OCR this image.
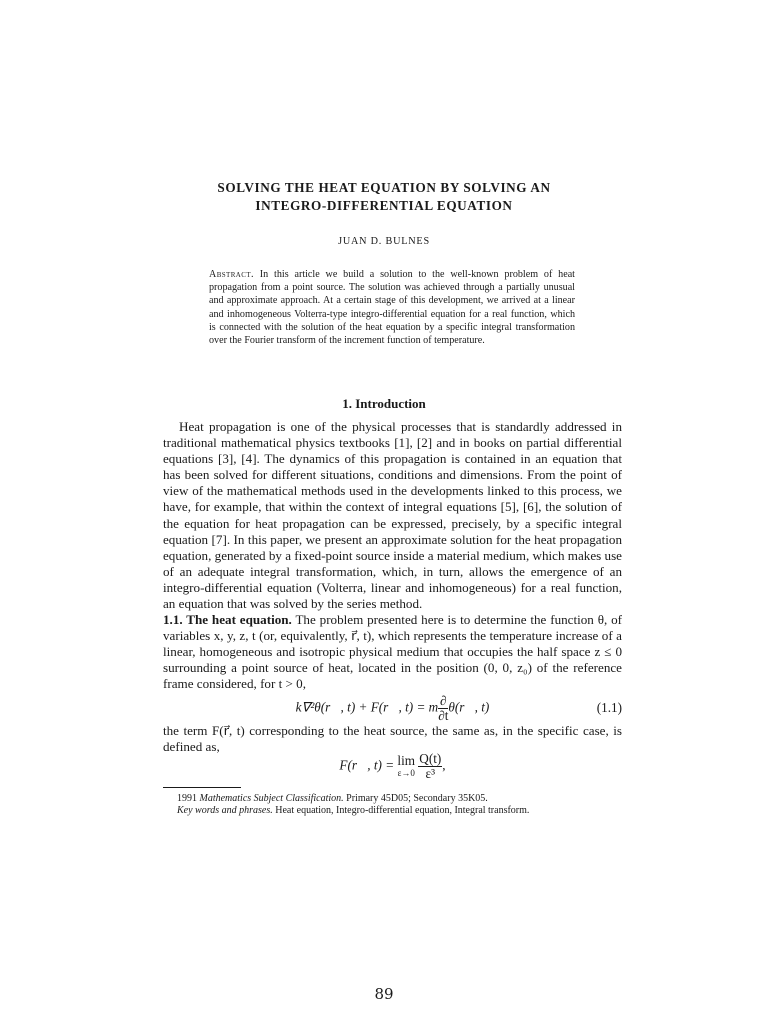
SOLVING THE HEAT EQUATION BY SOLVING AN
INTEGRO-DIFFERENTIAL EQUATION
JUAN D. BULNES
Abstract. In this article we build a solution to the well-known problem of heat propagation from a point source. The solution was achieved through a partially unusual and approximate approach. At a certain stage of this development, we arrived at a linear and inhomogeneous Volterra-type integro-differential equation for a real function, which is connected with the solution of the heat equation by a specific integral transformation over the Fourier transform of the increment function of temperature.
1. Introduction
Heat propagation is one of the physical processes that is standardly addressed in traditional mathematical physics textbooks [1], [2] and in books on partial differential equations [3], [4]. The dynamics of this propagation is contained in an equation that has been solved for different situations, conditions and dimensions. From the point of view of the mathematical methods used in the developments linked to this process, we have, for example, that within the context of integral equations [5], [6], the solution of the equation for heat propagation can be expressed, precisely, by a specific integral equation [7]. In this paper, we present an approximate solution for the heat propagation equation, generated by a fixed-point source inside a material medium, which makes use of an adequate integral transformation, which, in turn, allows the emergence of an integro-differential equation (Volterra, linear and inhomogeneous) for a real function, an equation that was solved by the series method.
1.1. The heat equation. The problem presented here is to determine the function θ, of variables x, y, z, t (or, equivalently, r⃗, t), which represents the temperature increase of a linear, homogeneous and isotropic physical medium that occupies the half space z ≤ 0 surrounding a point source of heat, located in the position (0, 0, z₀) of the reference frame considered, for t > 0,
k∇²θ(r⃗, t) + F(r⃗, t) = m $\frac{\partial}{\partial t}$ θ(r⃗, t)	(1.1)
the term F(r⃗, t) corresponding to the heat source, the same as, in the specific case, is defined as,
F(r⃗, t) = lim
ε→0
$\frac{Q(t)}{\text{ε³}}$ ,
1991 Mathematics Subject Classification. Primary 45D05; Secondary 35K05.
Key words and phrases. Heat equation, Integro-differential equation, Integral transform.
89
